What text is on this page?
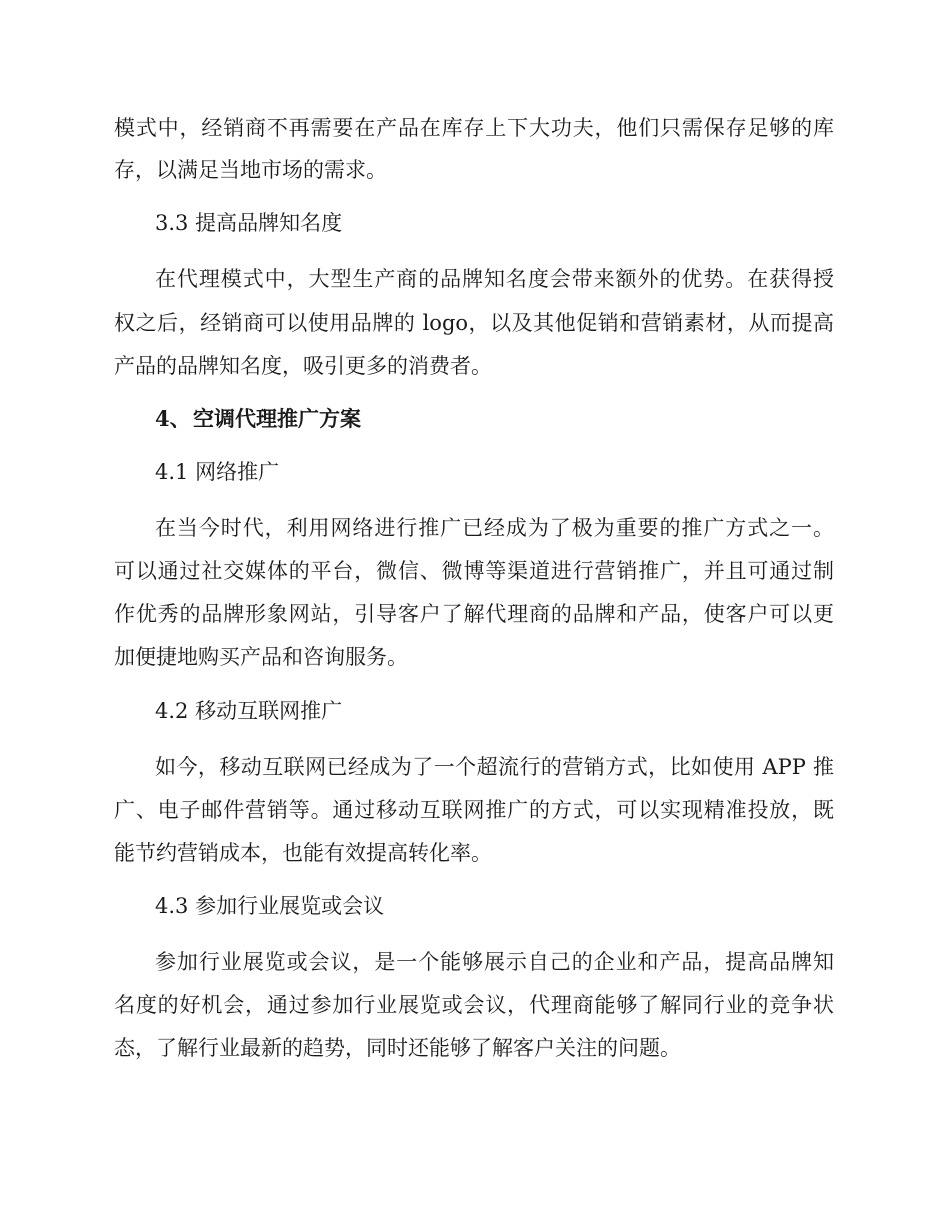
模式中，经销商不再需要在产品在库存上下大功夫，他们只需保存足够的库
存，以满足当地市场的需求。
3.3 提高品牌知名度
在代理模式中，大型生产商的品牌知名度会带来额外的优势。在获得授
权之后，经销商可以使用品牌的 logo，以及其他促销和营销素材，从而提高
产品的品牌知名度，吸引更多的消费者。
4、 空调代理推广方案
4.1 网络推广
在当今时代，利用网络进行推广已经成为了极为重要的推广方式之一。
可以通过社交媒体的平台，微信、微博等渠道进行营销推广，并且可通过制
作优秀的品牌形象网站，引导客户了解代理商的品牌和产品，使客户可以更
加便捷地购买产品和咨询服务。
4.2 移动互联网推广
如今，移动互联网已经成为了一个超流行的营销方式，比如使用 APP 推
广、电子邮件营销等。通过移动互联网推广的方式，可以实现精准投放，既
能节约营销成本，也能有效提高转化率。
4.3 参加行业展览或会议
参加行业展览或会议，是一个能够展示自己的企业和产品，提高品牌知
名度的好机会，通过参加行业展览或会议，代理商能够了解同行业的竞争状
态，了解行业最新的趋势，同时还能够了解客户关注的问题。
